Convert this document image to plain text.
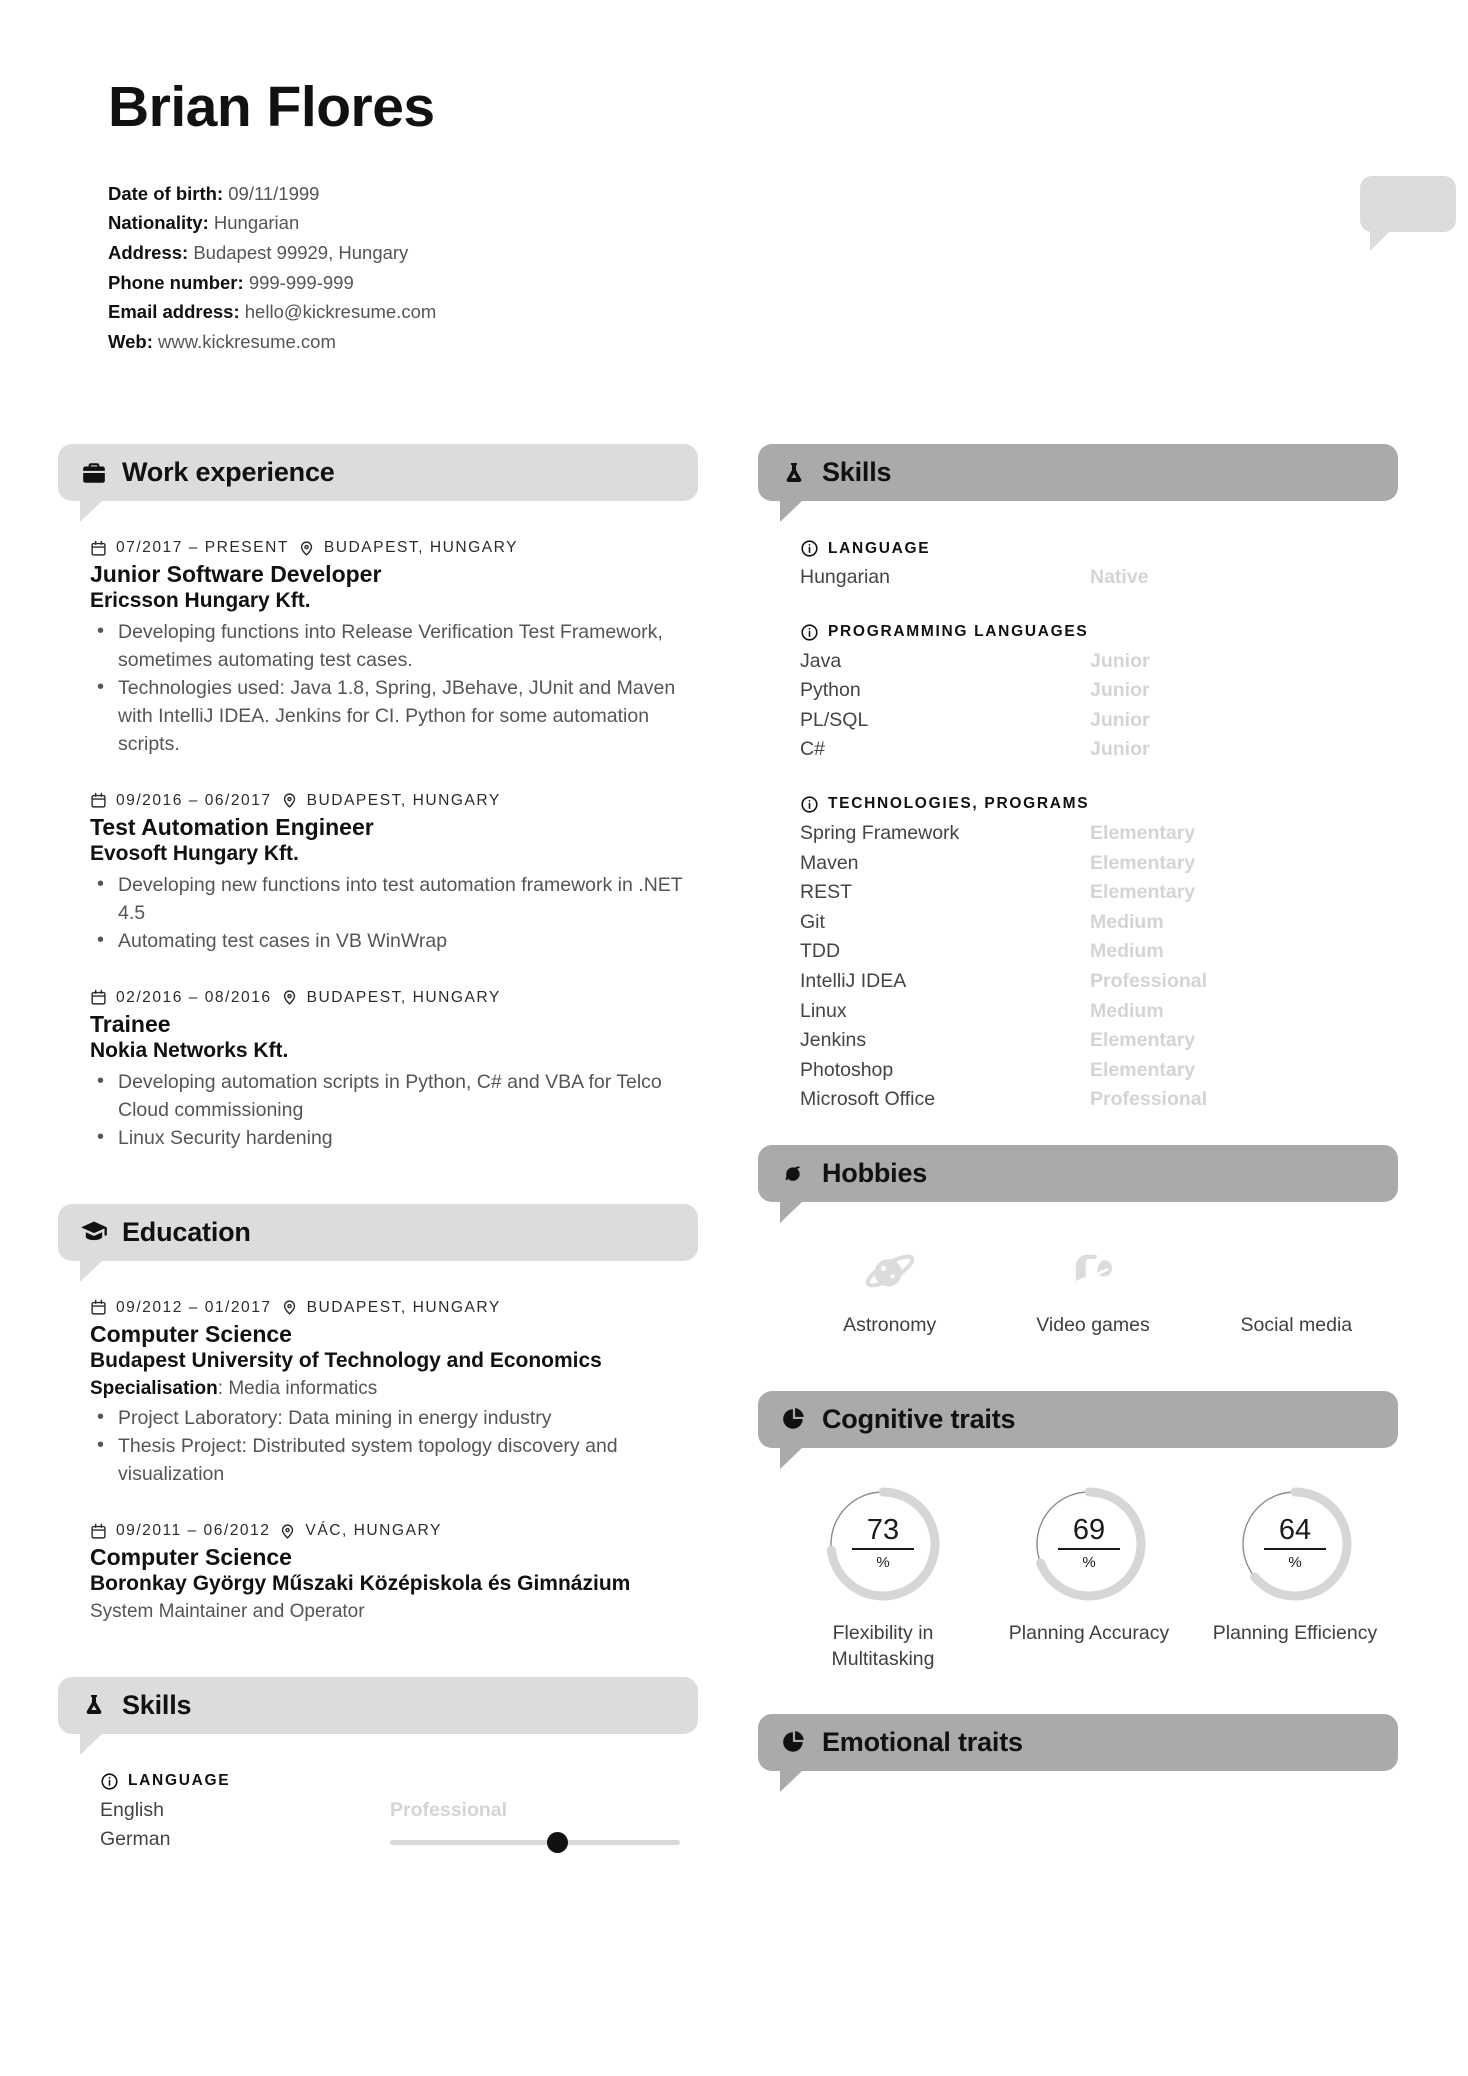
Brian Flores
Date of birth: 09/11/1999
Nationality: Hungarian
Address: Budapest 99929, Hungary
Phone number: 999-999-999
Email address: hello@kickresume.com
Web: www.kickresume.com
Work experience
07/2017 – PRESENT BUDAPEST, HUNGARY
Junior Software Developer
Ericsson Hungary Kft.
• Developing functions into Release Verification Test Framework, sometimes automating test cases.
• Technologies used: Java 1.8, Spring, JBehave, JUnit and Maven with IntelliJ IDEA. Jenkins for CI. Python for some automation scripts.
09/2016 – 06/2017 BUDAPEST, HUNGARY
Test Automation Engineer
Evosoft Hungary Kft.
• Developing new functions into test automation framework in .NET 4.5
• Automating test cases in VB WinWrap
02/2016 – 08/2016 BUDAPEST, HUNGARY
Trainee
Nokia Networks Kft.
• Developing automation scripts in Python, C# and VBA for Telco Cloud commissioning
• Linux Security hardening
Education
09/2012 – 01/2017 BUDAPEST, HUNGARY
Computer Science
Budapest University of Technology and Economics
Specialisation: Media informatics
• Project Laboratory: Data mining in energy industry
• Thesis Project: Distributed system topology discovery and visualization
09/2011 – 06/2012 VÁC, HUNGARY
Computer Science
Boronkay György Műszaki Középiskola és Gimnázium
System Maintainer and Operator
Skills
LANGUAGE
English	Professional
German
Skills
LANGUAGE
Hungarian	Native
PROGRAMMING LANGUAGES
Java	Junior
Python	Junior
PL/SQL	Junior
C#	Junior
TECHNOLOGIES, PROGRAMS
Spring Framework	Elementary
Maven	Elementary
REST	Elementary
Git	Medium
TDD	Medium
IntelliJ IDEA	Professional
Linux	Medium
Jenkins	Elementary
Photoshop	Elementary
Microsoft Office	Professional
Hobbies
Astronomy	Video games	Social media
Cognitive traits
73
%
Flexibility in Multitasking
69
%
Planning Accuracy
64
%
Planning Efficiency
Emotional traits
